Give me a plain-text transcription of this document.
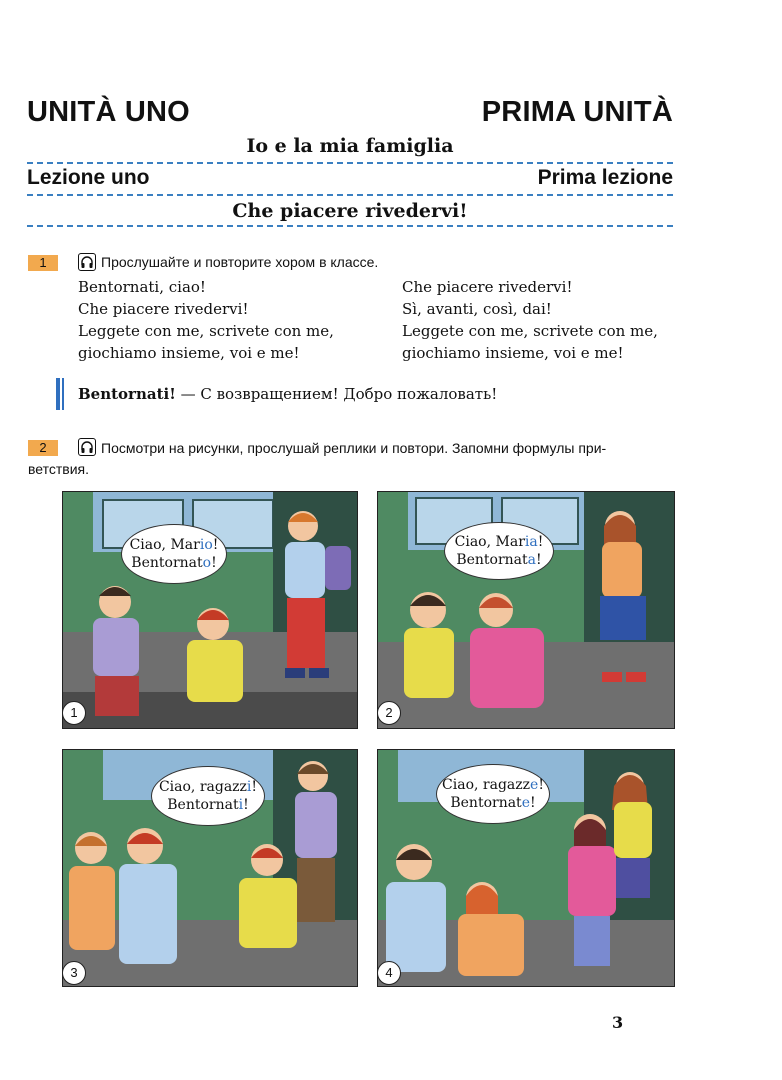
UNITÀ UNO	PRIMA UNITÀ
Io e la mia famiglia
Lezione uno	Prima lezione
Che piacere rivedervi!
1	Прослушайте и повторите хором в классе.
Bentornati, ciao!
Che piacere rivedervi!
Leggete con me, scrivete con me,
giochiamo insieme, voi e me!
Che piacere rivedervi!
Sì, avanti, così, dai!
Leggete con me, scrivete con me,
giochiamo insieme, voi e me!
Bentornati! — С возвращением! Добро пожаловать!
2	Посмотри на рисунки, прослушай реплики и повтори. Запомни формулы при-
ветствия.
Ciao, Mario!
Bentornato!
1
Ciao, Maria!
Bentornata!
2
Ciao, ragazzi!
Bentornati!
3
Ciao, ragazze!
Bentornate!
4
3
